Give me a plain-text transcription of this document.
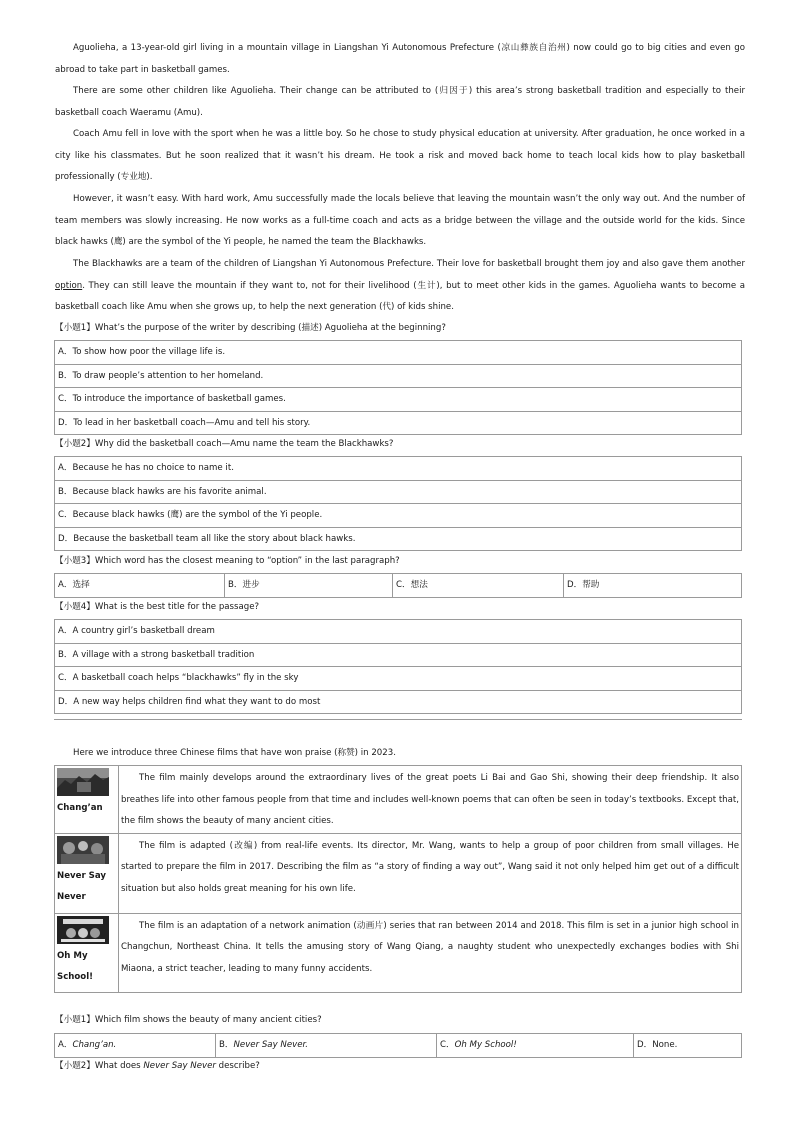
Aguolieha, a 13-year-old girl living in a mountain village in Liangshan Yi Autonomous Prefecture (凉山彝族自治州) now could go to big cities and even go abroad to take part in basketball games.
There are some other children like Aguolieha. Their change can be attributed to (归因于) this area’s strong basketball tradition and especially to their basketball coach Waeramu (Amu).
Coach Amu fell in love with the sport when he was a little boy. So he chose to study physical education at university. After graduation, he once worked in a city like his classmates. But he soon realized that it wasn’t his dream. He took a risk and moved back home to teach local kids how to play basketball professionally (专业地).
However, it wasn’t easy. With hard work, Amu successfully made the locals believe that leaving the mountain wasn’t the only way out. And the number of team members was slowly increasing. He now works as a full-time coach and acts as a bridge between the village and the outside world for the kids. Since black hawks (鹰) are the symbol of the Yi people, he named the team the Blackhawks.
The Blackhawks are a team of the children of Liangshan Yi Autonomous Prefecture. Their love for basketball brought them joy and also gave them another option. They can still leave the mountain if they want to, not for their livelihood (生计), but to meet other kids in the games. Aguolieha wants to become a basketball coach like Amu when she grows up, to help the next generation (代) of kids shine.
【小题1】What’s the purpose of the writer by describing (描述) Aguolieha at the beginning?
A．To show how poor the village life is.
B．To draw people’s attention to her homeland.
C．To introduce the importance of basketball games.
D．To lead in her basketball coach—Amu and tell his story.
【小题2】Why did the basketball coach—Amu name the team the Blackhawks?
A．Because he has no choice to name it.
B．Because black hawks are his favorite animal.
C．Because black hawks (鹰) are the symbol of the Yi people.
D．Because the basketball team all like the story about black hawks.
【小题3】Which word has the closest meaning to “option” in the last paragraph?
A．选择	B．进步	C．想法	D．帮助
【小题4】What is the best title for the passage?
A．A country girl’s basketball dream
B．A village with a strong basketball tradition
C．A basketball coach helps “blackhawks” fly in the sky
D．A new way helps children find what they want to do most
Here we introduce three Chinese films that have won praise (称赞) in 2023.
Chang’an	The film mainly develops around the extraordinary lives of the great poets Li Bai and Gao Shi, showing their deep friendship. It also breathes life into other famous people from that time and includes well-known poems that can often be seen in today’s textbooks. Except that, the film shows the beauty of many ancient cities.

Never Say Never	The film is adapted (改编) from real-life events. Its director, Mr. Wang, wants to help a group of poor children from small villages. He started to prepare the film in 2017. Describing the film as “a story of finding a way out”, Wang said it not only helped him get out of a difficult situation but also holds great meaning for his own life.

Oh My School!	The film is an adaptation of a network animation (动画片) series that ran between 2014 and 2018. This film is set in a junior high school in Changchun, Northeast China. It tells the amusing story of Wang Qiang, a naughty student who unexpectedly exchanges bodies with Shi Miaona, a strict teacher, leading to many funny accidents.
【小题1】Which film shows the beauty of many ancient cities?
A．Chang’an.	B．Never Say Never.	C．Oh My School!	D．None.
【小题2】What does Never Say Never describe?
